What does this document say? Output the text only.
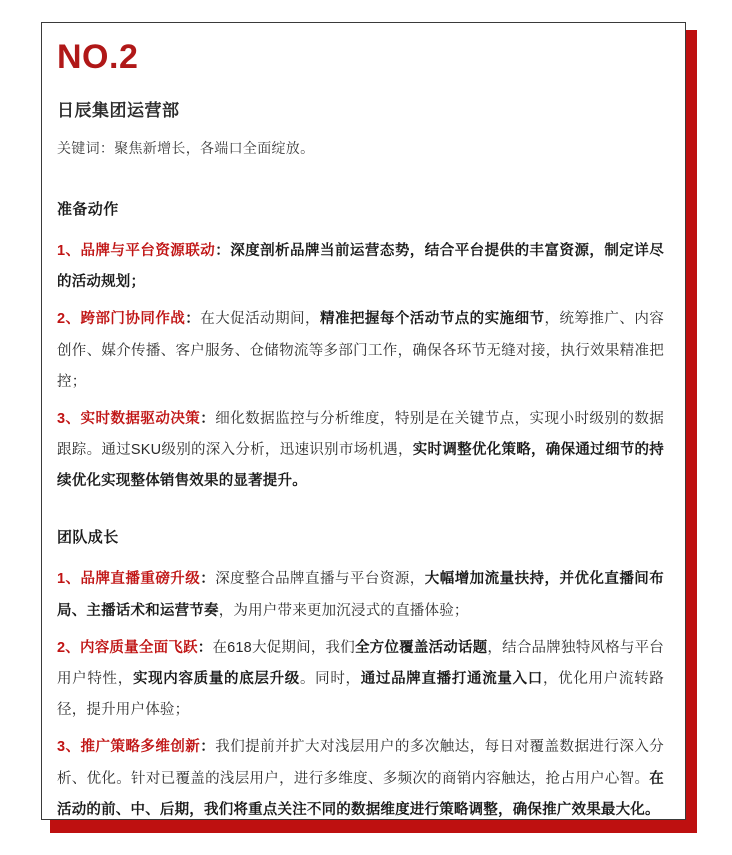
NO.2
日辰集团运营部
关键词：聚焦新增长，各端口全面绽放。
准备动作

1、品牌与平台资源联动：深度剖析品牌当前运营态势，结合平台提供的丰富资源，制定详尽的活动规划；

2、跨部门协同作战：在大促活动期间，精准把握每个活动节点的实施细节，统筹推广、内容创作、媒介传播、客户服务、仓储物流等多部门工作，确保各环节无缝对接，执行效果精准把控；

3、实时数据驱动决策：细化数据监控与分析维度，特别是在关键节点，实现小时级别的数据跟踪。通过SKU级别的深入分析，迅速识别市场机遇，实时调整优化策略，确保通过细节的持续优化实现整体销售效果的显著提升。

团队成长

1、品牌直播重磅升级：深度整合品牌直播与平台资源，大幅增加流量扶持，并优化直播间布局、主播话术和运营节奏，为用户带来更加沉浸式的直播体验；

2、内容质量全面飞跃：在618大促期间，我们全方位覆盖活动话题，结合品牌独特风格与平台用户特性，实现内容质量的底层升级。同时，通过品牌直播打通流量入口，优化用户流转路径，提升用户体验；

3、推广策略多维创新：我们提前并扩大对浅层用户的多次触达，每日对覆盖数据进行深入分析、优化。针对已覆盖的浅层用户，进行多维度、多频次的商销内容触达，抢占用户心智。在活动的前、中、后期，我们将重点关注不同的数据维度进行策略调整，确保推广效果最大化。
